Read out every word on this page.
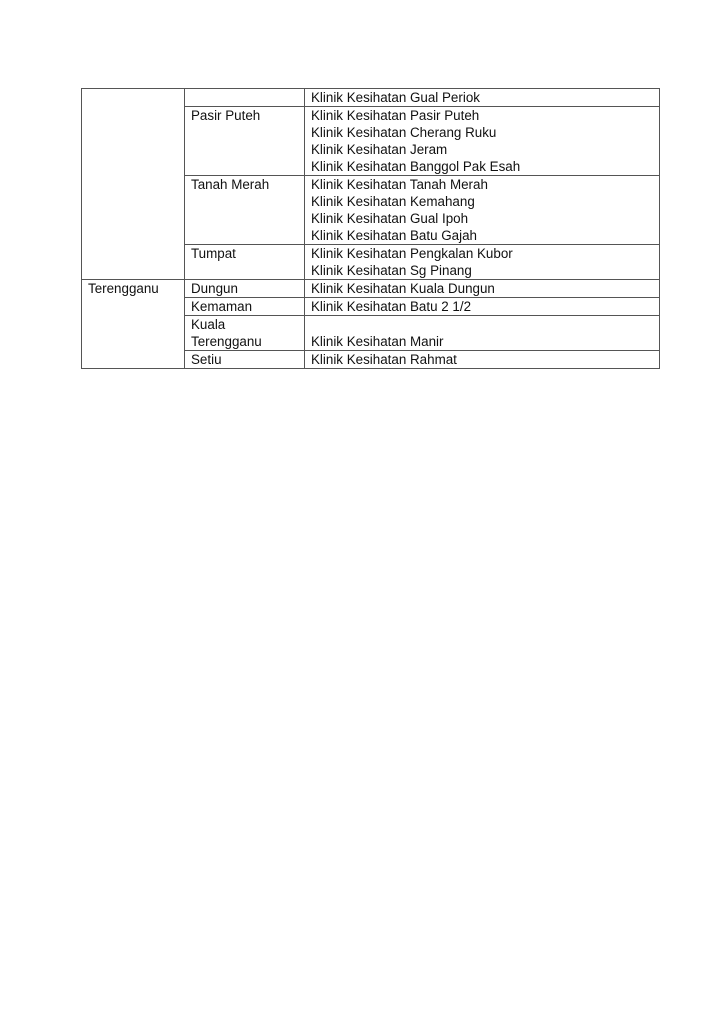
		Klinik Kesihatan Gual Periok

	Pasir Puteh	Klinik Kesihatan Pasir Puteh
Klinik Kesihatan Cherang Ruku
Klinik Kesihatan Jeram
Klinik Kesihatan Banggol Pak Esah

	Tanah Merah	Klinik Kesihatan Tanah Merah
Klinik Kesihatan Kemahang
Klinik Kesihatan Gual Ipoh
Klinik Kesihatan Batu Gajah

	Tumpat	Klinik Kesihatan Pengkalan Kubor
Klinik Kesihatan Sg Pinang

Terengganu	Dungun	Klinik Kesihatan Kuala Dungun

	Kemaman	Klinik Kesihatan Batu 2 1/2

	Kuala
Terengganu	Klinik Kesihatan Manir

	Setiu	Klinik Kesihatan Rahmat
